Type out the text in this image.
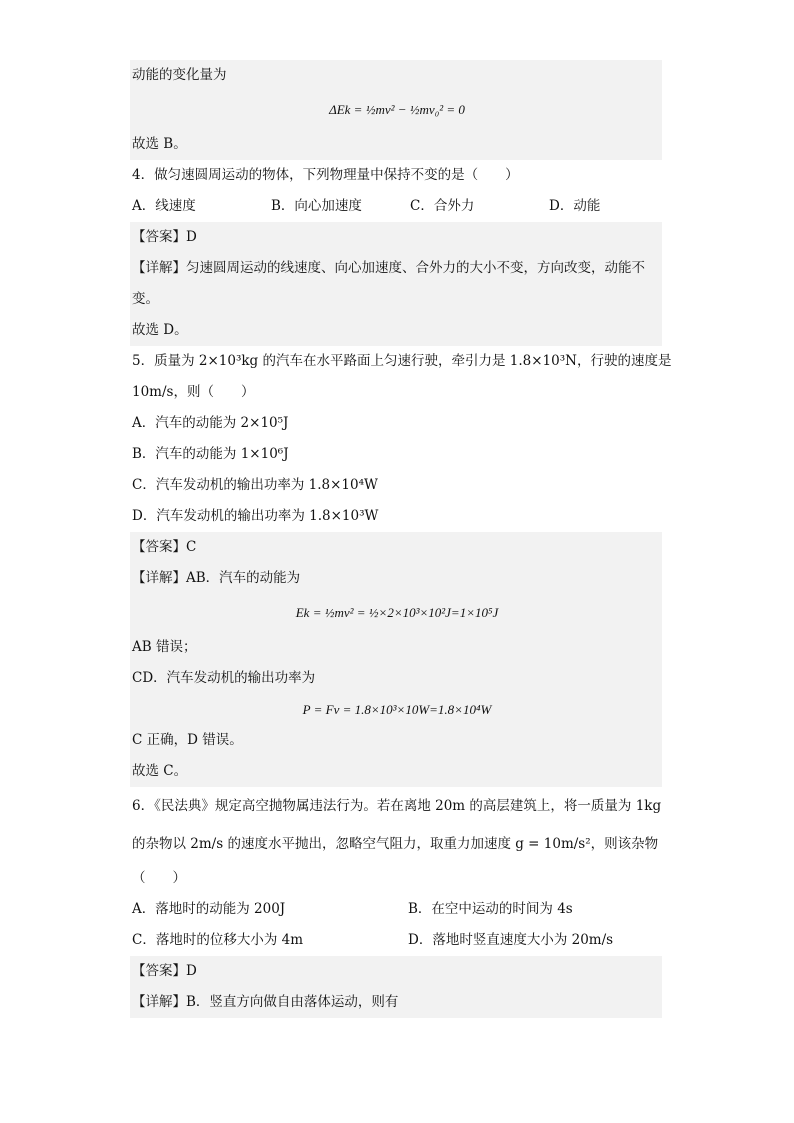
动能的变化量为
ΔEk = ½mv² − ½mv₀² = 0
故选 B。
4．做匀速圆周运动的物体，下列物理量中保持不变的是（　　）
A．线速度	B．向心加速度	C．合外力	D．动能
【答案】D
【详解】匀速圆周运动的线速度、向心加速度、合外力的大小不变，方向改变，动能不
变。
故选 D。
5．质量为 2×10³kg 的汽车在水平路面上匀速行驶，牵引力是 1.8×10³N，行驶的速度是
10m/s，则（　　）
A．汽车的动能为 2×10⁵J
B．汽车的动能为 1×10⁶J
C．汽车发动机的输出功率为 1.8×10⁴W
D．汽车发动机的输出功率为 1.8×10³W
【答案】C
【详解】AB．汽车的动能为
Ek = ½mv² = ½×2×10³×10²J=1×10⁵J
AB 错误；
CD．汽车发动机的输出功率为
P = Fv = 1.8×10³×10W=1.8×10⁴W
C 正确，D 错误。
故选 C。
6．《民法典》规定高空抛物属违法行为。若在离地 20m 的高层建筑上，将一质量为 1kg
的杂物以 2m/s 的速度水平抛出，忽略空气阻力，取重力加速度 g = 10m/s²，则该杂物
（　　）
A．落地时的动能为 200J	B．在空中运动的时间为 4s
C．落地时的位移大小为 4m	D．落地时竖直速度大小为 20m/s
【答案】D
【详解】B．竖直方向做自由落体运动，则有
